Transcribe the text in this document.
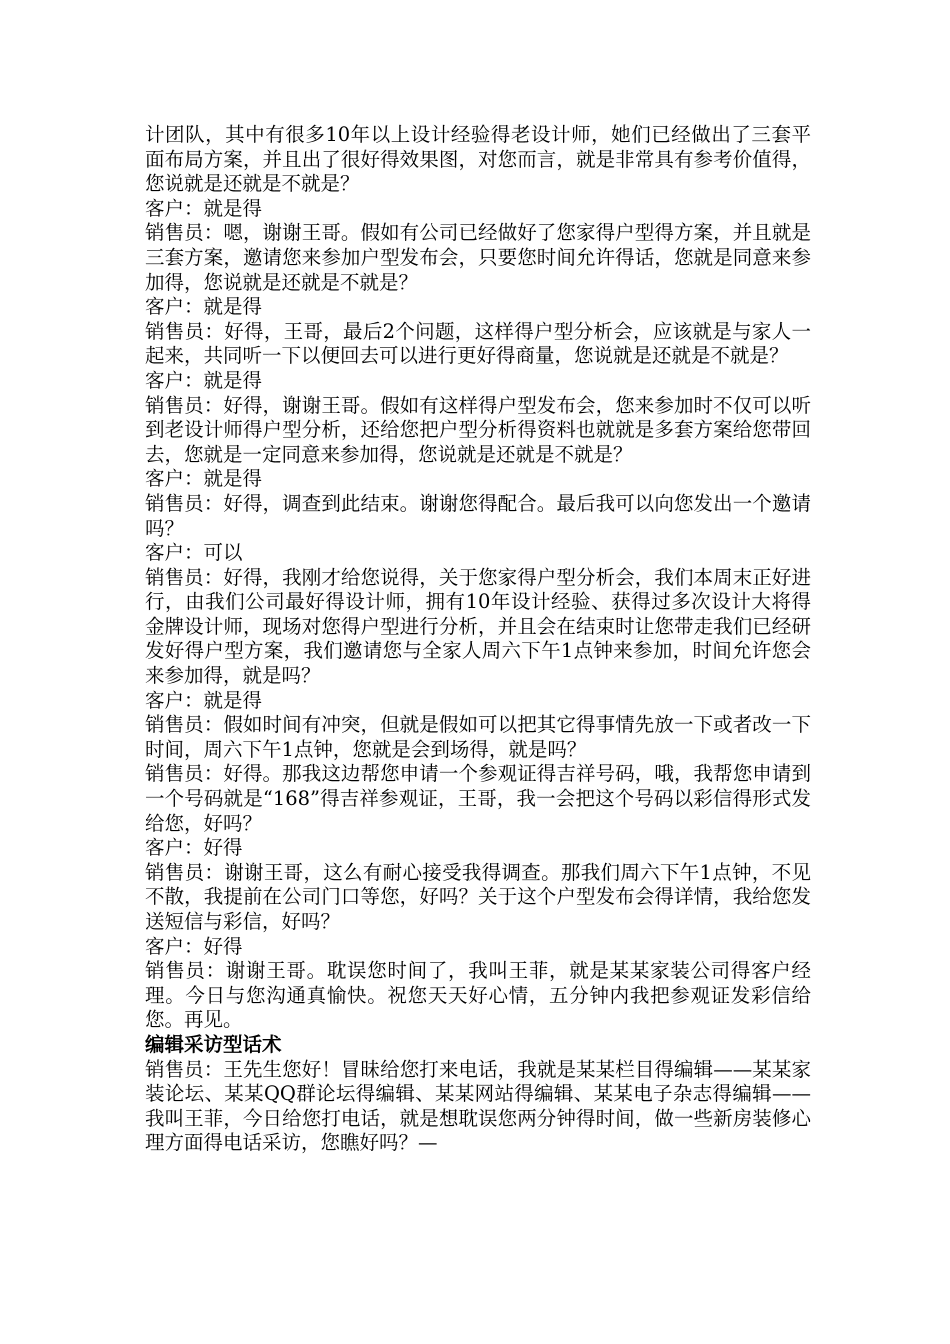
计团队，其中有很多10年以上设计经验得老设计师，她们已经做出了三套平面布局方案，并且出了很好得效果图，对您而言，就是非常具有参考价值得，您说就是还就是不就是？

客户：就是得

销售员：嗯，谢谢王哥。假如有公司已经做好了您家得户型得方案，并且就是三套方案，邀请您来参加户型发布会，只要您时间允许得话，您就是同意来参加得，您说就是还就是不就是？

客户：就是得

销售员：好得，王哥，最后2个问题，这样得户型分析会，应该就是与家人一起来，共同听一下以便回去可以进行更好得商量，您说就是还就是不就是？

客户：就是得

销售员：好得，谢谢王哥。假如有这样得户型发布会，您来参加时不仅可以听到老设计师得户型分析，还给您把户型分析得资料也就就是多套方案给您带回去，您就是一定同意来参加得，您说就是还就是不就是？

客户：就是得

销售员：好得，调查到此结束。谢谢您得配合。最后我可以向您发出一个邀请吗？

客户：可以

销售员：好得，我刚才给您说得，关于您家得户型分析会，我们本周末正好进行，由我们公司最好得设计师，拥有10年设计经验、获得过多次设计大将得金牌设计师，现场对您得户型进行分析，并且会在结束时让您带走我们已经研发好得户型方案，我们邀请您与全家人周六下午1点钟来参加，时间允许您会来参加得，就是吗？

客户：就是得

销售员：假如时间有冲突，但就是假如可以把其它得事情先放一下或者改一下时间，周六下午1点钟，您就是会到场得，就是吗？

销售员：好得。那我这边帮您申请一个参观证得吉祥号码，哦，我帮您申请到一个号码就是“168”得吉祥参观证，王哥，我一会把这个号码以彩信得形式发给您，好吗？

客户：好得

销售员：谢谢王哥，这么有耐心接受我得调查。那我们周六下午1点钟，不见不散，我提前在公司门口等您，好吗？关于这个户型发布会得详情，我给您发送短信与彩信，好吗？

客户：好得

销售员：谢谢王哥。耽误您时间了，我叫王菲，就是某某家装公司得客户经理。今日与您沟通真愉快。祝您天天好心情，五分钟内我把参观证发彩信给您。再见。

编辑采访型话术

销售员：王先生您好！冒昧给您打来电话，我就是某某栏目得编辑——某某家装论坛、某某QQ群论坛得编辑、某某网站得编辑、某某电子杂志得编辑——我叫王菲，今日给您打电话，就是想耽误您两分钟得时间，做一些新房装修心理方面得电话采访，您瞧好吗？—
